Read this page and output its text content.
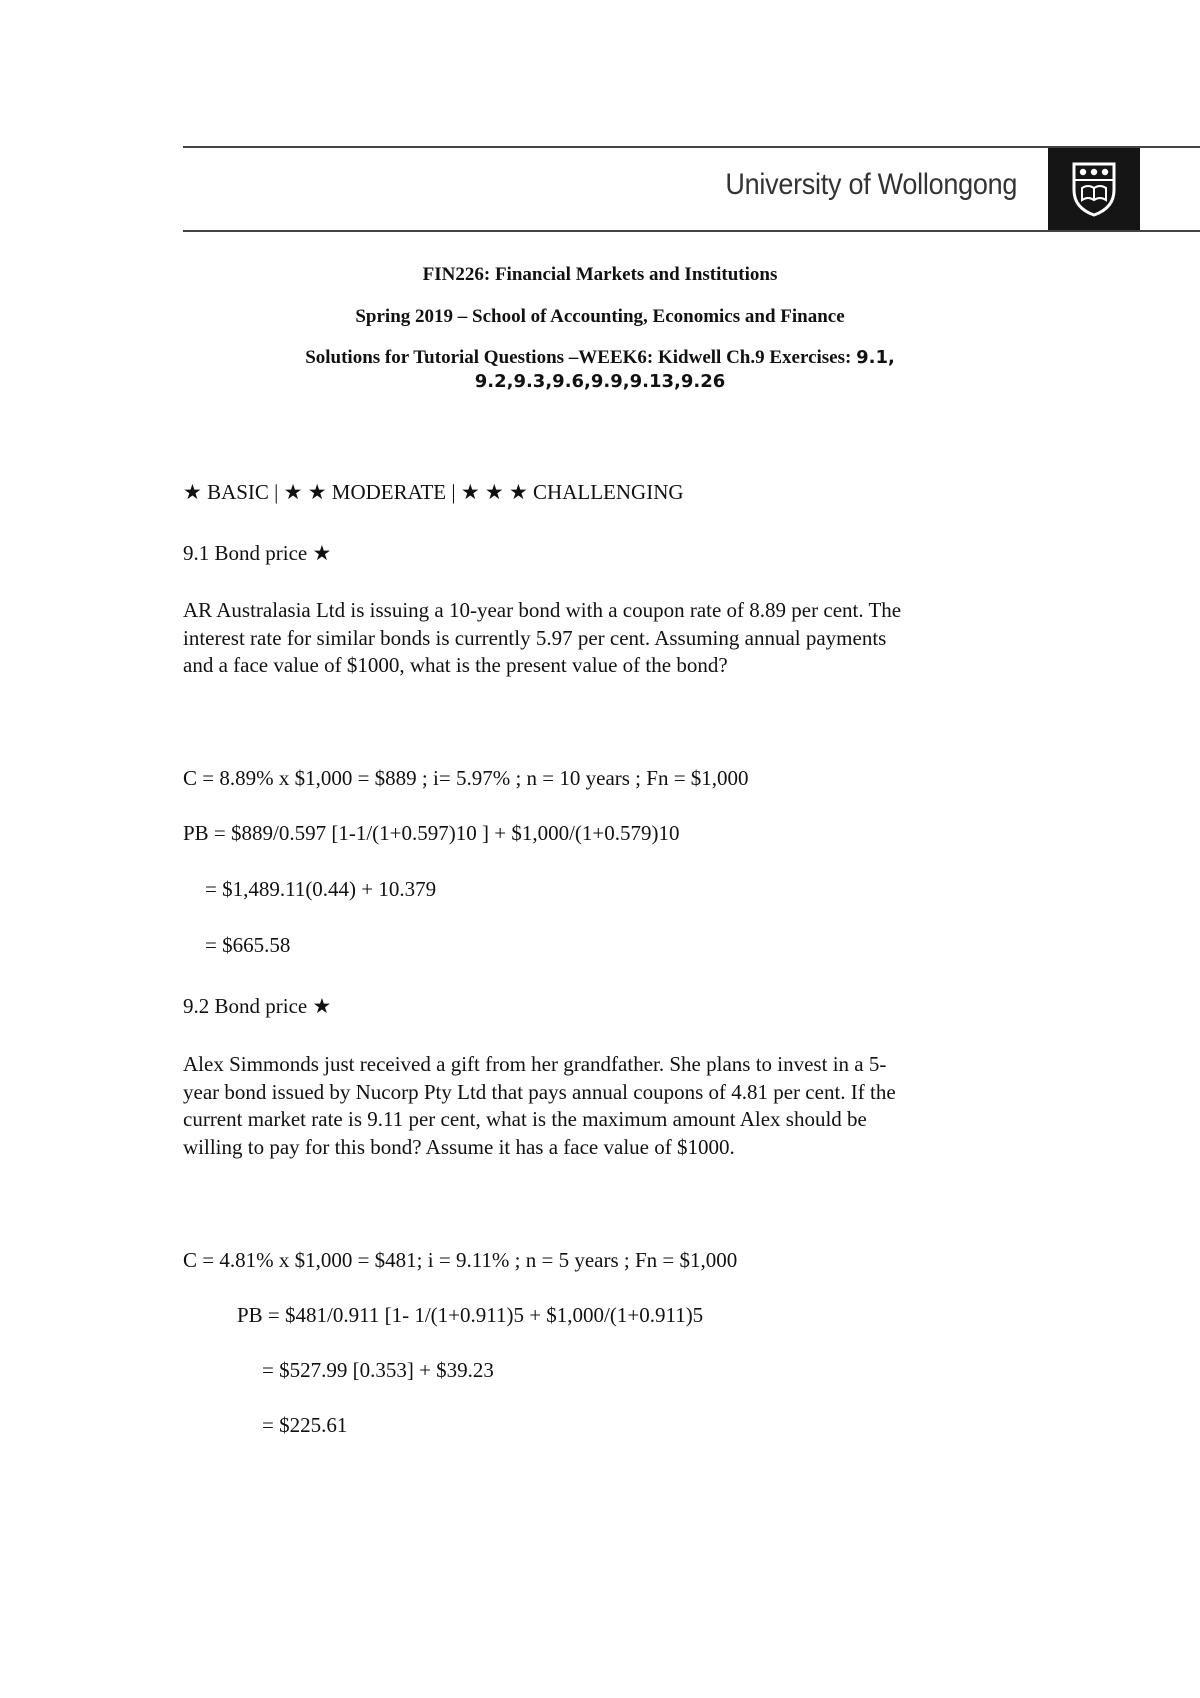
University of Wollongong
FIN226: Financial Markets and Institutions
Spring 2019 – School of Accounting, Economics and Finance
Solutions for Tutorial Questions –WEEK6: Kidwell Ch.9 Exercises: 9.1,
9.2,9.3,9.6,9.9,9.13,9.26
★ BASIC | ★ ★ MODERATE | ★ ★ ★ CHALLENGING
9.1 Bond price ★
AR Australasia Ltd is issuing a 10-year bond with a coupon rate of 8.89 per cent. The
interest rate for similar bonds is currently 5.97 per cent. Assuming annual payments
and a face value of $1000, what is the present value of the bond?
C = 8.89% x $1,000 = $889 ; i= 5.97% ; n = 10 years ; Fn = $1,000
PB = $889/0.597 [1-1/(1+0.597)10 ] + $1,000/(1+0.579)10
= $1,489.11(0.44) + 10.379
= $665.58
9.2 Bond price ★
Alex Simmonds just received a gift from her grandfather. She plans to invest in a 5-
year bond issued by Nucorp Pty Ltd that pays annual coupons of 4.81 per cent. If the
current market rate is 9.11 per cent, what is the maximum amount Alex should be
willing to pay for this bond? Assume it has a face value of $1000.
C = 4.81% x $1,000 = $481; i = 9.11% ; n = 5 years ; Fn = $1,000
PB = $481/0.911 [1- 1/(1+0.911)5 + $1,000/(1+0.911)5
= $527.99 [0.353] + $39.23
= $225.61
